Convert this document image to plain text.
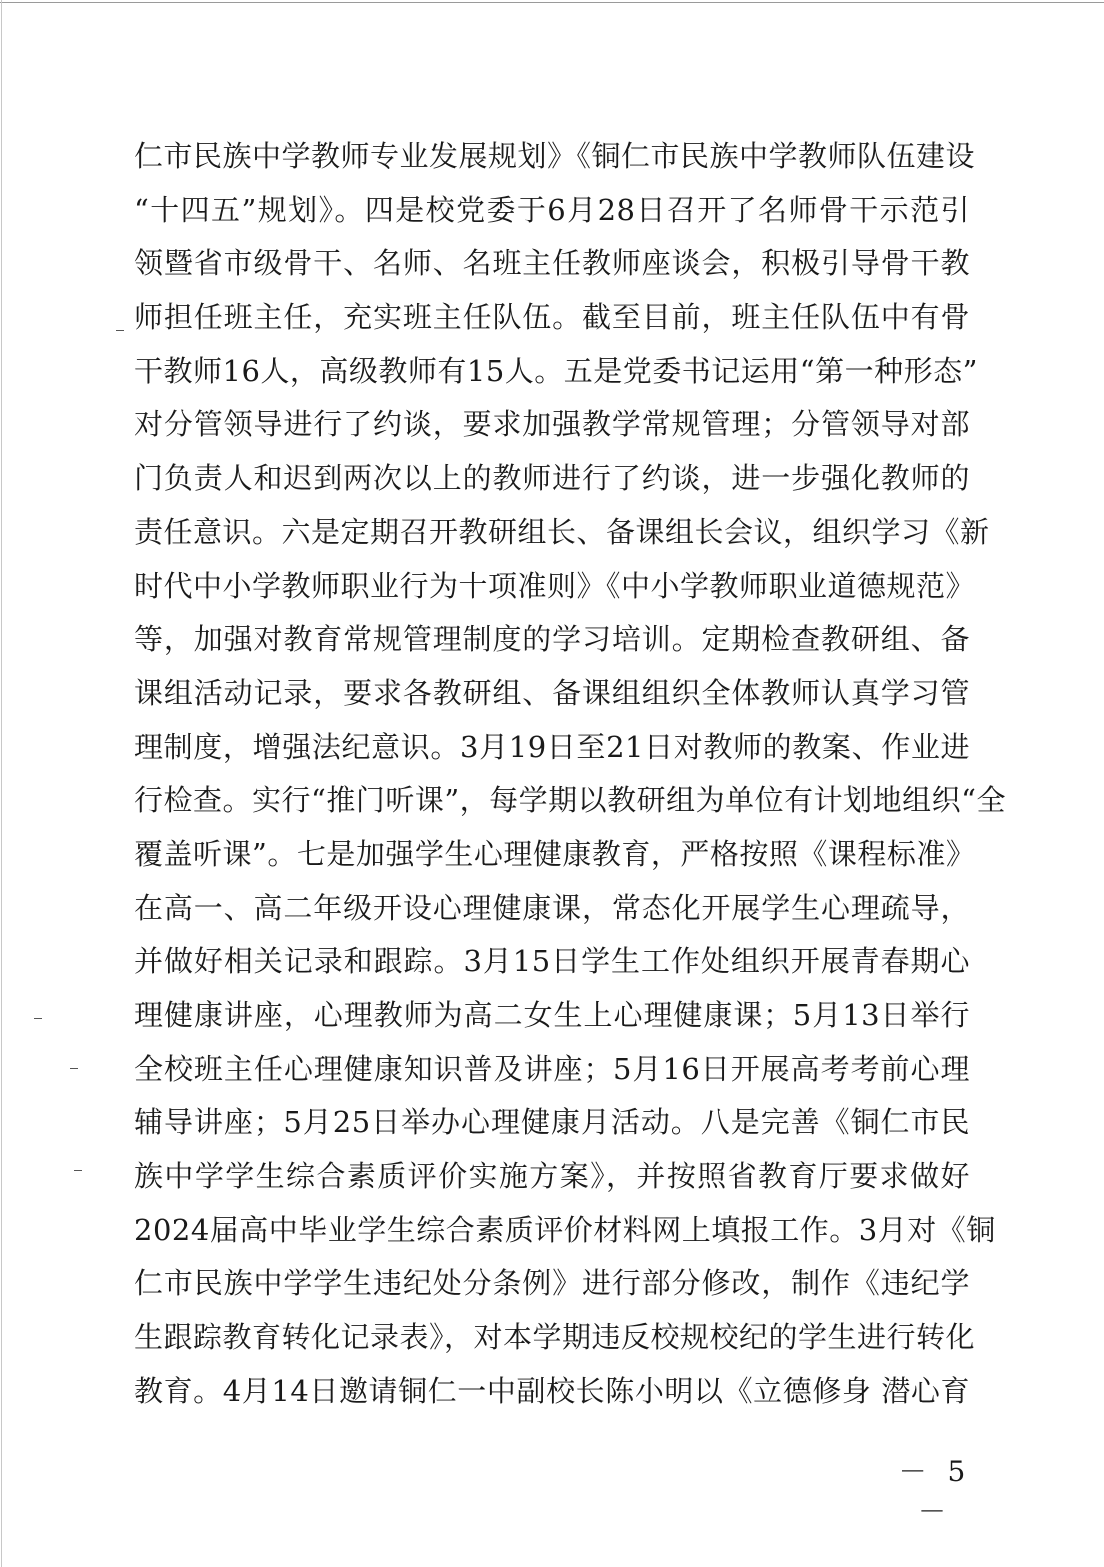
仁市民族中学教师专业发展规划》《铜仁市民族中学教师队伍建设
“十四五”规划》。四是校党委于6月28日召开了名师骨干示范引
领暨省市级骨干、名师、名班主任教师座谈会，积极引导骨干教
师担任班主任，充实班主任队伍。截至目前，班主任队伍中有骨
干教师16人，高级教师有15人。五是党委书记运用“第一种形态”
对分管领导进行了约谈，要求加强教学常规管理；分管领导对部
门负责人和迟到两次以上的教师进行了约谈，进一步强化教师的
责任意识。六是定期召开教研组长、备课组长会议，组织学习《新
时代中小学教师职业行为十项准则》《中小学教师职业道德规范》
等，加强对教育常规管理制度的学习培训。定期检查教研组、备
课组活动记录，要求各教研组、备课组组织全体教师认真学习管
理制度，增强法纪意识。3月19日至21日对教师的教案、作业进
行检查。实行“推门听课”，每学期以教研组为单位有计划地组织“全
覆盖听课”。七是加强学生心理健康教育，严格按照《课程标准》
在高一、高二年级开设心理健康课，常态化开展学生心理疏导，
并做好相关记录和跟踪。3月15日学生工作处组织开展青春期心
理健康讲座，心理教师为高二女生上心理健康课；5月13日举行
全校班主任心理健康知识普及讲座；5月16日开展高考考前心理
辅导讲座；5月25日举办心理健康月活动。八是完善《铜仁市民
族中学学生综合素质评价实施方案》，并按照省教育厅要求做好
2024届高中毕业学生综合素质评价材料网上填报工作。3月对《铜
仁市民族中学学生违纪处分条例》进行部分修改，制作《违纪学
生跟踪教育转化记录表》，对本学期违反校规校纪的学生进行转化
教育。4月14日邀请铜仁一中副校长陈小明以《立德修身 潜心育
－ 5 －
